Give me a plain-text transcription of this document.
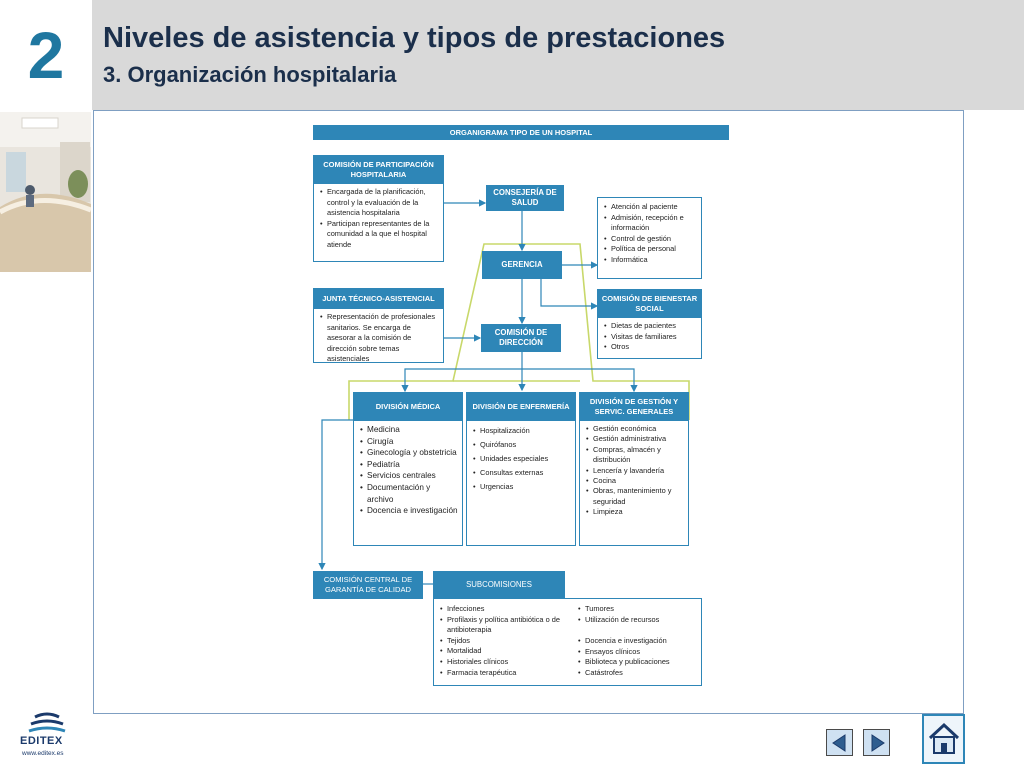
2	Niveles de asistencia y tipos de prestaciones
3. Organización hospitalaria
ORGANIGRAMA TIPO DE UN HOSPITAL
COMISIÓN DE PARTICIPACIÓN HOSPITALARIA
• Encargada de la planificación, control y la evaluación de la asistencia hospitalaria
• Participan representantes de la comunidad a la que el hospital atiende
CONSEJERÍA DE SALUD
•	Atención al paciente
• Admisión, recepción e información
• Control de gestión
• Política de personal
• Informática
GERENCIA
JUNTA TÉCNICO-ASISTENCIAL
• Representación de profesionales sanitarios. Se encarga de asesorar a la comisión de dirección sobre temas asistenciales
COMISIÓN DE BIENESTAR SOCIAL
• Dietas de pacientes
• Visitas de familiares
• Otros
COMISIÓN DE DIRECCIÓN
DIVISIÓN MÉDICA
• Medicina
• Cirugía
• Ginecología y obstetricia
• Pediatría
• Servicios centrales
• Documentación y archivo
• Docencia e investigación
DIVISIÓN DE ENFERMERÍA
• Hospitalización
• Quirófanos
• Unidades especiales
• Consultas externas
• Urgencias
DIVISIÓN DE GESTIÓN Y SERVIC. GENERALES
• Gestión económica
• Gestión administrativa
• Compras, almacén y distribución
• Lencería y lavandería
• Cocina
• Obras, mantenimiento y seguridad
• Limpieza
COMISIÓN CENTRAL DE GARANTÍA DE CALIDAD
SUBCOMISIONES
• Infecciones
• Profilaxis y política antibiótica o de antibioterapia
• Tejidos
• Mortalidad
• Historiales clínicos
• Farmacia terapéutica
• Tumores
• Utilización de recursos
• Docencia e investigación
• Ensayos clínicos
• Biblioteca y publicaciones
• Catástrofes
EDITEX
www.editex.es
